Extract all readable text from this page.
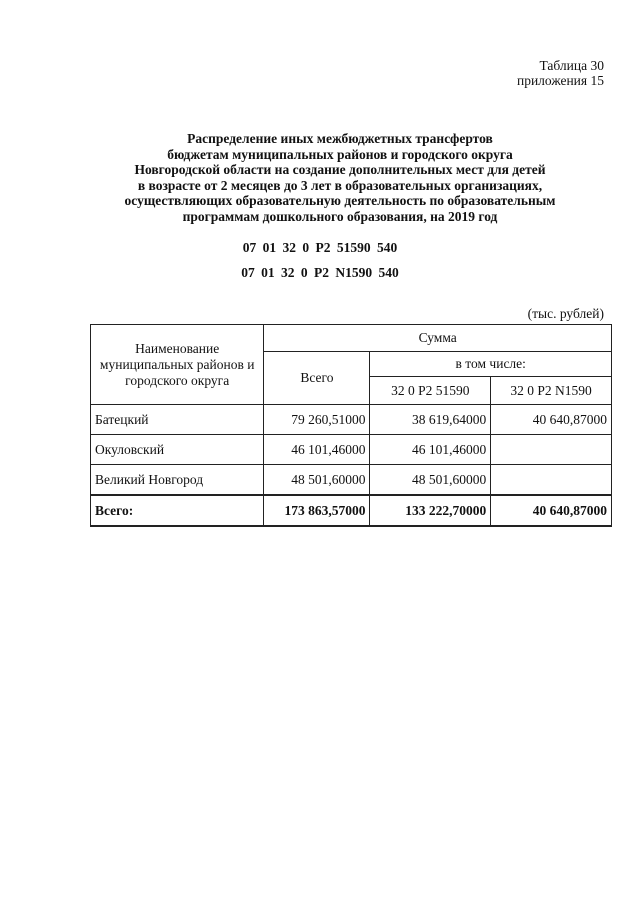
Таблица 30
приложения 15
Распределение иных межбюджетных трансфертов
бюджетам муниципальных районов и городского округа
Новгородской области на создание дополнительных мест для детей
в возрасте от 2 месяцев до 3 лет в образовательных организациях,
осуществляющих образовательную деятельность по образовательным
программам дошкольного образования, на 2019 год
07 01 32 0 P2 51590 540
07 01 32 0 P2 N1590 540
(тыс. рублей)
Наименование муниципальных районов и городского округа	Сумма		
	Всего	в том числе:	
		32 0 P2 51590	32 0 P2 N1590
Батецкий	79 260,51000	38 619,64000	40 640,87000
Окуловский	46 101,46000	46 101,46000	
Великий Новгород	48 501,60000	48 501,60000	
Всего:	173 863,57000	133 222,70000	40 640,87000
